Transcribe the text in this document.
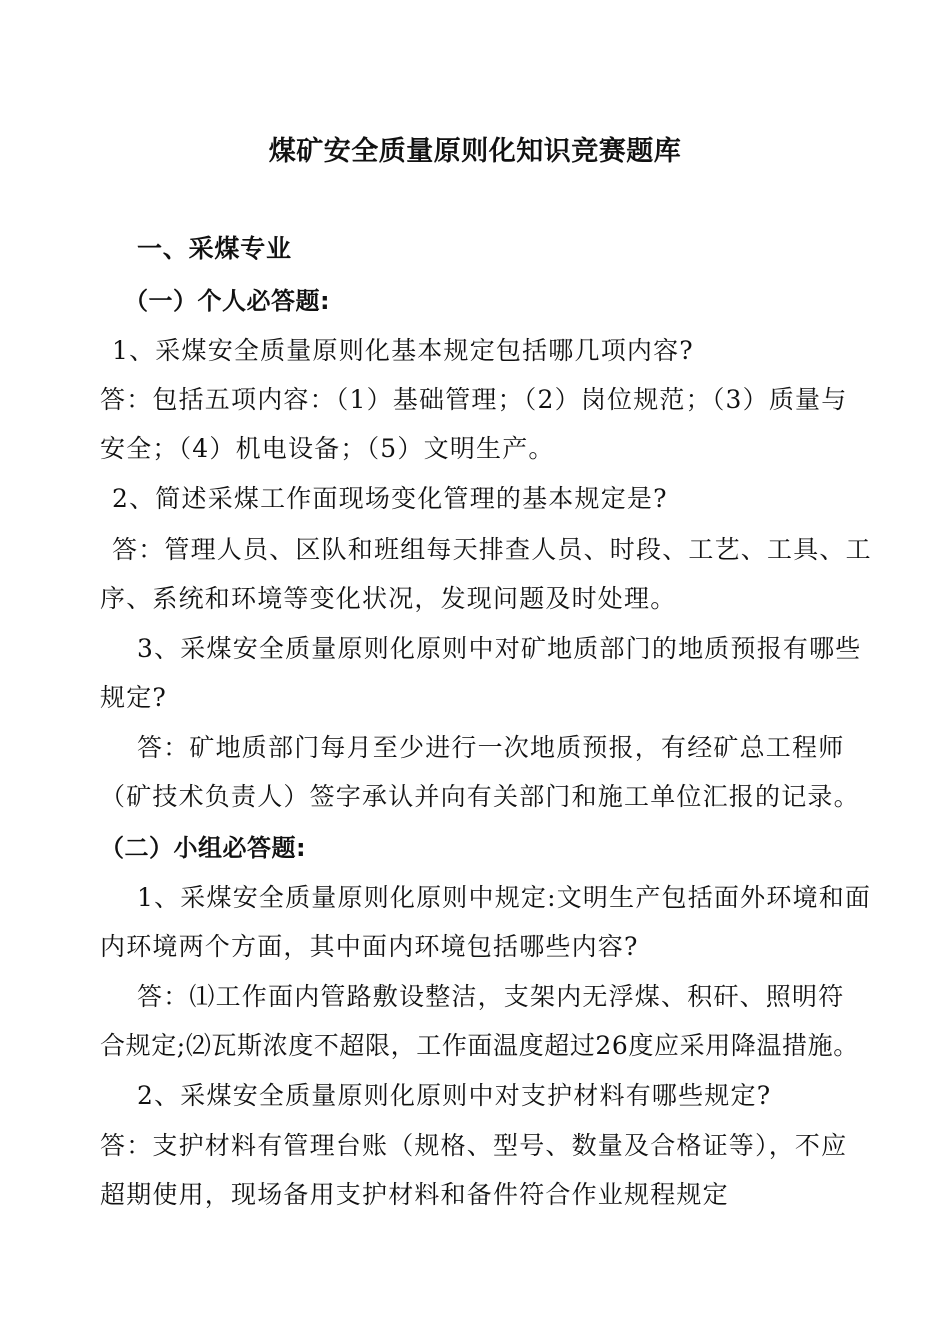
煤矿安全质量原则化知识竞赛题库
一、采煤专业
（一）个人必答题:
1、采煤安全质量原则化基本规定包括哪几项内容?
答：包括五项内容：（1）基础管理；（2）岗位规范；（3）质量与
安全；（4）机电设备；（5）文明生产。
2、简述采煤工作面现场变化管理的基本规定是?
答：管理人员、区队和班组每天排查人员、时段、工艺、工具、工
序、系统和环境等变化状况，发现问题及时处理。
3、采煤安全质量原则化原则中对矿地质部门的地质预报有哪些
规定?
答：矿地质部门每月至少进行一次地质预报，有经矿总工程师
（矿技术负责人）签字承认并向有关部门和施工单位汇报的记录。
（二）小组必答题:
1、采煤安全质量原则化原则中规定:文明生产包括面外环境和面
内环境两个方面，其中面内环境包括哪些内容?
答：⑴工作面内管路敷设整洁，支架内无浮煤、积矸、照明符
合规定;⑵瓦斯浓度不超限，工作面温度超过26度应采用降温措施。
2、采煤安全质量原则化原则中对支护材料有哪些规定?
答：支护材料有管理台账（规格、型号、数量及合格证等），不应
超期使用，现场备用支护材料和备件符合作业规程规定
